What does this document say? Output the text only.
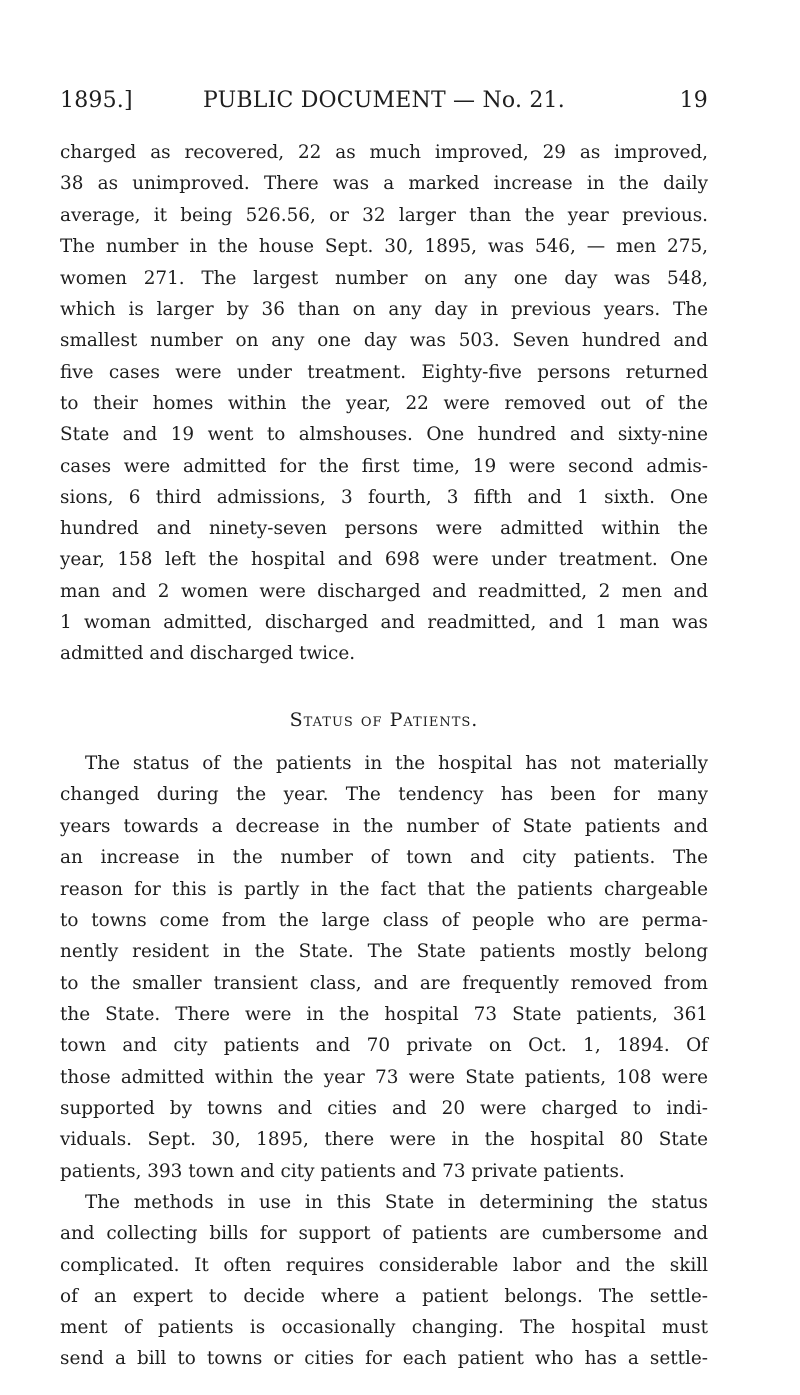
1895.]	PUBLIC DOCUMENT — No. 21.	19
charged as recovered, 22 as much improved, 29 as improved,
38 as unimproved. There was a marked increase in the daily
average, it being 526.56, or 32 larger than the year previous.
The number in the house Sept. 30, 1895, was 546, — men 275,
women 271. The largest number on any one day was 548,
which is larger by 36 than on any day in previous years. The
smallest number on any one day was 503. Seven hundred and
five cases were under treatment. Eighty-five persons returned
to their homes within the year, 22 were removed out of the
State and 19 went to almshouses. One hundred and sixty-nine
cases were admitted for the first time, 19 were second admis-
sions, 6 third admissions, 3 fourth, 3 fifth and 1 sixth. One
hundred and ninety-seven persons were admitted within the
year, 158 left the hospital and 698 were under treatment. One
man and 2 women were discharged and readmitted, 2 men and
1 woman admitted, discharged and readmitted, and 1 man was
admitted and discharged twice.
Status of Patients.
The status of the patients in the hospital has not materially
changed during the year. The tendency has been for many
years towards a decrease in the number of State patients and
an increase in the number of town and city patients. The
reason for this is partly in the fact that the patients chargeable
to towns come from the large class of people who are perma-
nently resident in the State. The State patients mostly belong
to the smaller transient class, and are frequently removed from
the State. There were in the hospital 73 State patients, 361
town and city patients and 70 private on Oct. 1, 1894. Of
those admitted within the year 73 were State patients, 108 were
supported by towns and cities and 20 were charged to indi-
viduals. Sept. 30, 1895, there were in the hospital 80 State
patients, 393 town and city patients and 73 private patients.
The methods in use in this State in determining the status
and collecting bills for support of patients are cumbersome and
complicated. It often requires considerable labor and the skill
of an expert to decide where a patient belongs. The settle-
ment of patients is occasionally changing. The hospital must
send a bill to towns or cities for each patient who has a settle-
